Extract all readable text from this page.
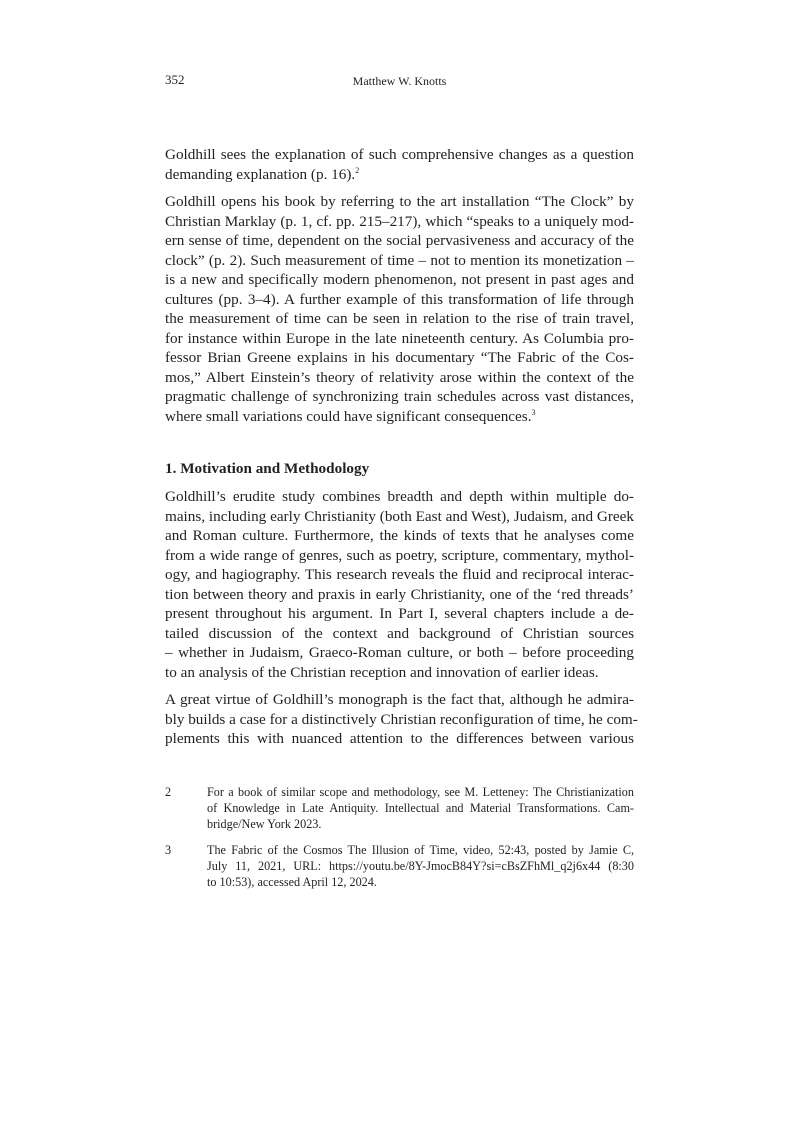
352	Matthew W. Knotts
Goldhill sees the explanation of such comprehensive changes as a question
demanding explanation (p. 16).$^2$
Goldhill opens his book by referring to the art installation “The Clock” by
Christian Marklay (p. 1, cf. pp. 215–217), which “speaks to a uniquely mod-
ern sense of time, dependent on the social pervasiveness and accuracy of the
clock” (p. 2). Such measurement of time – not to mention its monetization –
is a new and specifically modern phenomenon, not present in past ages and
cultures (pp. 3–4). A further example of this transformation of life through
the measurement of time can be seen in relation to the rise of train travel,
for instance within Europe in the late nineteenth century. As Columbia pro-
fessor Brian Greene explains in his documentary “The Fabric of the Cos-
mos,” Albert Einstein’s theory of relativity arose within the context of the
pragmatic challenge of synchronizing train schedules across vast distances,
where small variations could have significant consequences.$^3$
1. Motivation and Methodology
Goldhill’s erudite study combines breadth and depth within multiple do-
mains, including early Christianity (both East and West), Judaism, and Greek
and Roman culture. Furthermore, the kinds of texts that he analyses come
from a wide range of genres, such as poetry, scripture, commentary, mythol-
ogy, and hagiography. This research reveals the fluid and reciprocal interac-
tion between theory and praxis in early Christianity, one of the ‘red threads’
present throughout his argument. In Part I, several chapters include a de-
tailed discussion of the context and background of Christian sources
– whether in Judaism, Graeco-Roman culture, or both – before proceeding
to an analysis of the Christian reception and innovation of earlier ideas.
A great virtue of Goldhill’s monograph is the fact that, although he admira-
bly builds a case for a distinctively Christian reconfiguration of time, he com-
plements this with nuanced attention to the differences between various
2	For a book of similar scope and methodology, see M. Letteney: The Christianization
of Knowledge in Late Antiquity. Intellectual and Material Transformations. Cam-
bridge/New York 2023.
3	The Fabric of the Cosmos The Illusion of Time, video, 52:43, posted by Jamie C,
July 11, 2021, URL: https://youtu.be/8Y-JmocB84Y?si=cBsZFhMl_q2j6x44 (8:30
to 10:53), accessed April 12, 2024.
